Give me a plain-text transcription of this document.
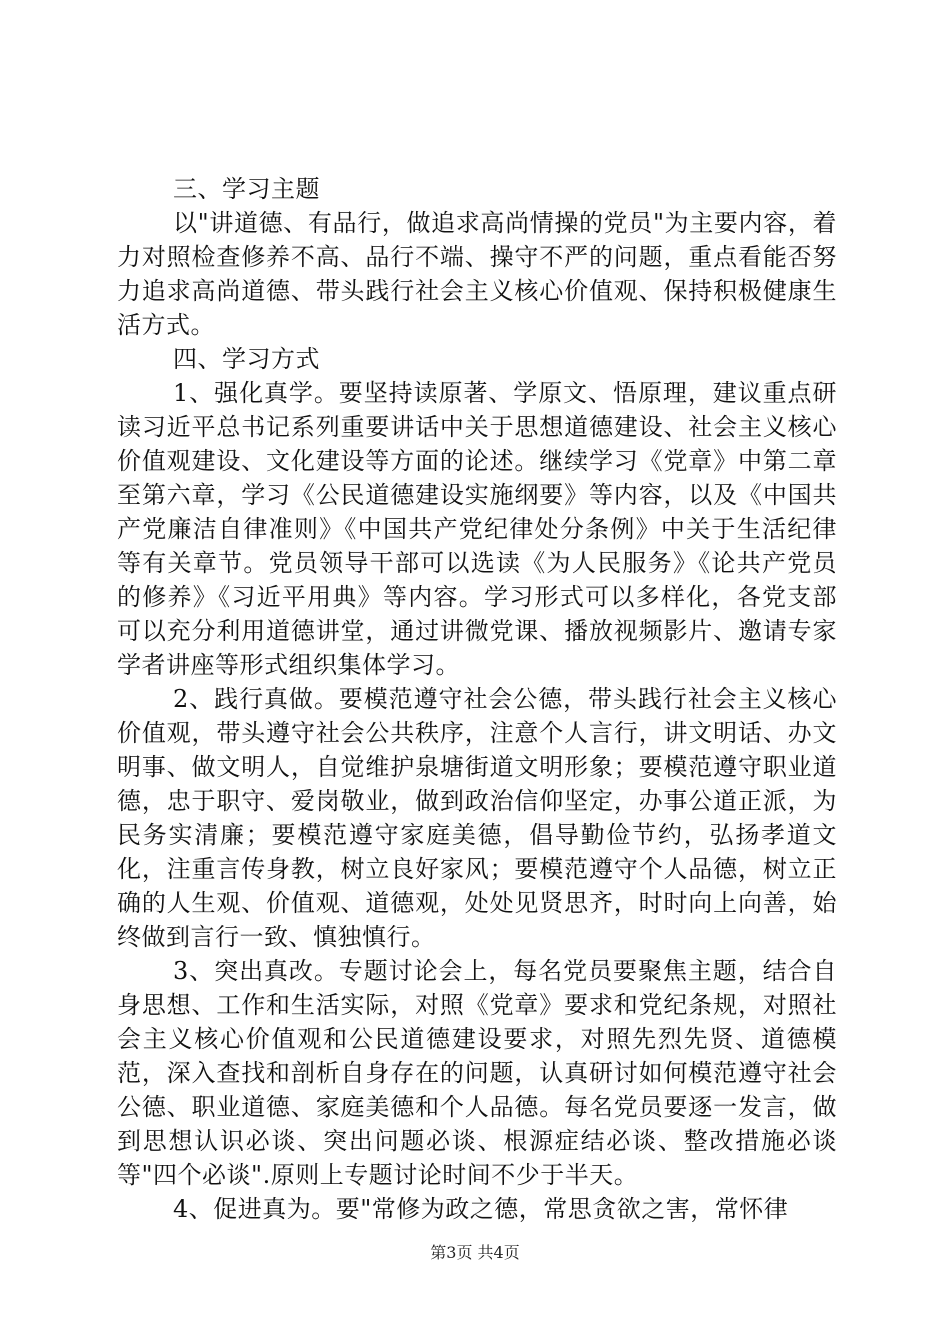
三、学习主题

以"讲道德、有品行，做追求高尚情操的党员"为主要内容，着力对照检查修养不高、品行不端、操守不严的问题，重点看能否努力追求高尚道德、带头践行社会主义核心价值观、保持积极健康生活方式。

四、学习方式

1、强化真学。要坚持读原著、学原文、悟原理，建议重点研读习近平总书记系列重要讲话中关于思想道德建设、社会主义核心价值观建设、文化建设等方面的论述。继续学习《党章》中第二章至第六章，学习《公民道德建设实施纲要》等内容，以及《中国共产党廉洁自律准则》《中国共产党纪律处分条例》中关于生活纪律等有关章节。党员领导干部可以选读《为人民服务》《论共产党员的修养》《习近平用典》等内容。学习形式可以多样化，各党支部可以充分利用道德讲堂，通过讲微党课、播放视频影片、邀请专家学者讲座等形式组织集体学习。

2、践行真做。要模范遵守社会公德，带头践行社会主义核心价值观，带头遵守社会公共秩序，注意个人言行，讲文明话、办文明事、做文明人，自觉维护泉塘街道文明形象；要模范遵守职业道德，忠于职守、爱岗敬业，做到政治信仰坚定，办事公道正派，为民务实清廉；要模范遵守家庭美德，倡导勤俭节约，弘扬孝道文化，注重言传身教，树立良好家风；要模范遵守个人品德，树立正确的人生观、价值观、道德观，处处见贤思齐，时时向上向善，始终做到言行一致、慎独慎行。

3、突出真改。专题讨论会上，每名党员要聚焦主题，结合自身思想、工作和生活实际，对照《党章》要求和党纪条规，对照社会主义核心价值观和公民道德建设要求，对照先烈先贤、道德模范，深入查找和剖析自身存在的问题，认真研讨如何模范遵守社会公德、职业道德、家庭美德和个人品德。每名党员要逐一发言，做到思想认识必谈、突出问题必谈、根源症结必谈、整改措施必谈等"四个必谈".原则上专题讨论时间不少于半天。

4、促进真为。要"常修为政之德，常思贪欲之害，常怀律

第3页 共4页
